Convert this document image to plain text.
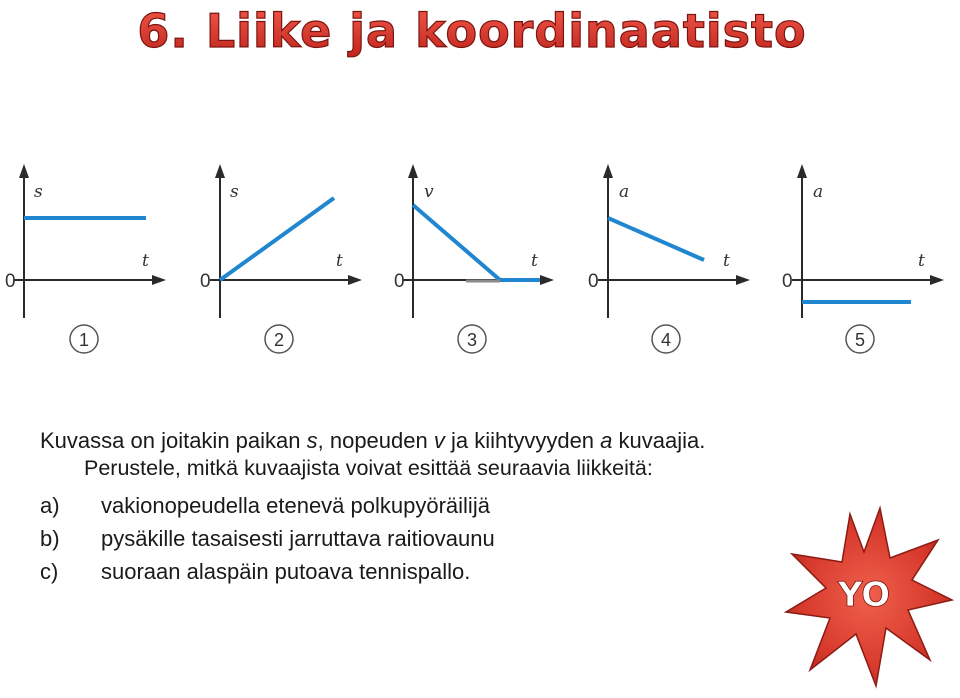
6. Liike ja koordinaatisto
s
t
0
1
s
t
0
2
v
t
0
3
a
t
0
4
a
t
0
5
Kuvassa on joitakin paikan s, nopeuden v ja kiihtyvyyden a kuvaajia.
Perustele, mitkä kuvaajista voivat esittää seuraavia liikkeitä:
a) vakionopeudella etenevä polkupyöräilijä
b) pysäkille tasaisesti jarruttava raitiovaunu
c) suoraan alaspäin putoava tennispallo.
YO
